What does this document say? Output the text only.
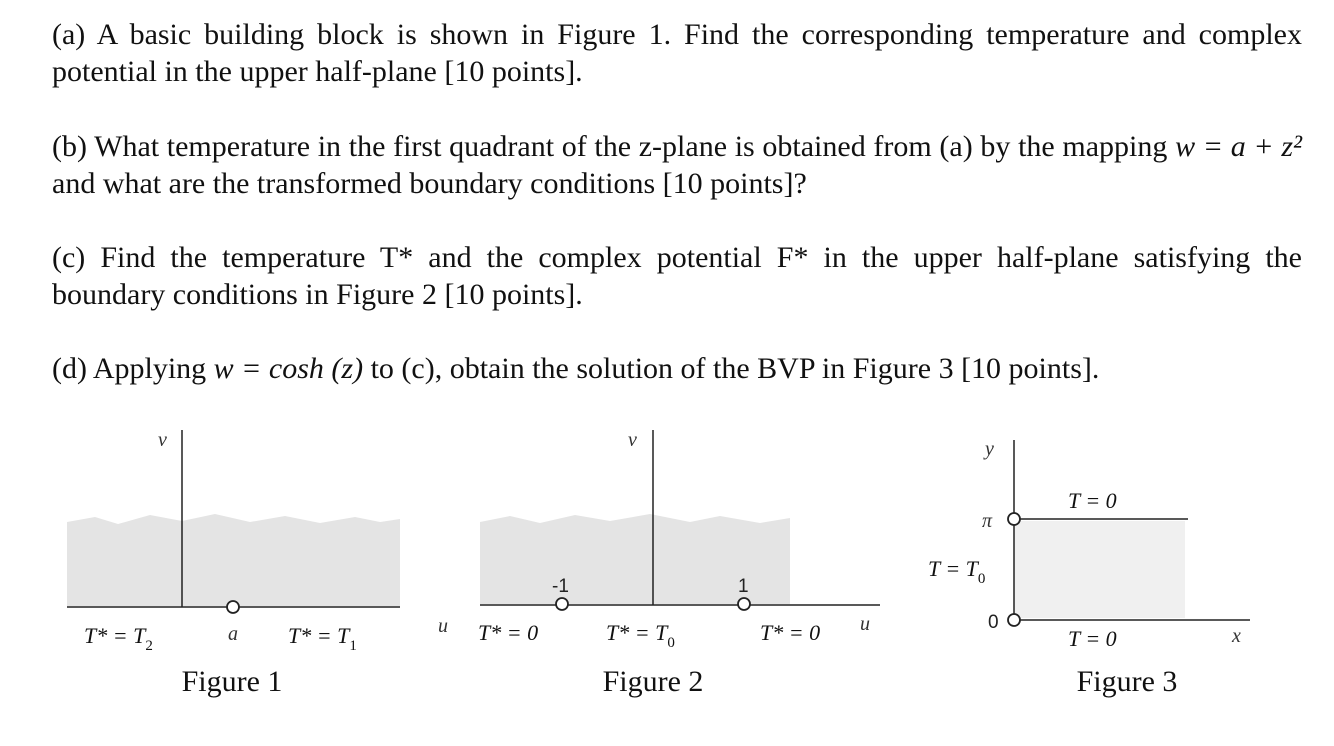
(a) A basic building block is shown in Figure 1. Find the corresponding temperature and complex potential in the upper half-plane [10 points].

(b) What temperature in the first quadrant of the z-plane is obtained from (a) by the mapping w = a + z² and what are the transformed boundary conditions [10 points]?

(c) Find the temperature T* and the complex potential F* in the upper half-plane satisfying the boundary conditions in Figure 2 [10 points].

(d) Applying w = cosh (z) to (c), obtain the solution of the BVP in Figure 3 [10 points].

v
u
a
$T* = T_2$	$T* = T_1$
Figure 1
-1	1
v
u
T* = 0	$T* = T_0$	T* = 0
Figure 2
y
x
π
0
T = 0
$T = T_0$
T = 0
Figure 3
